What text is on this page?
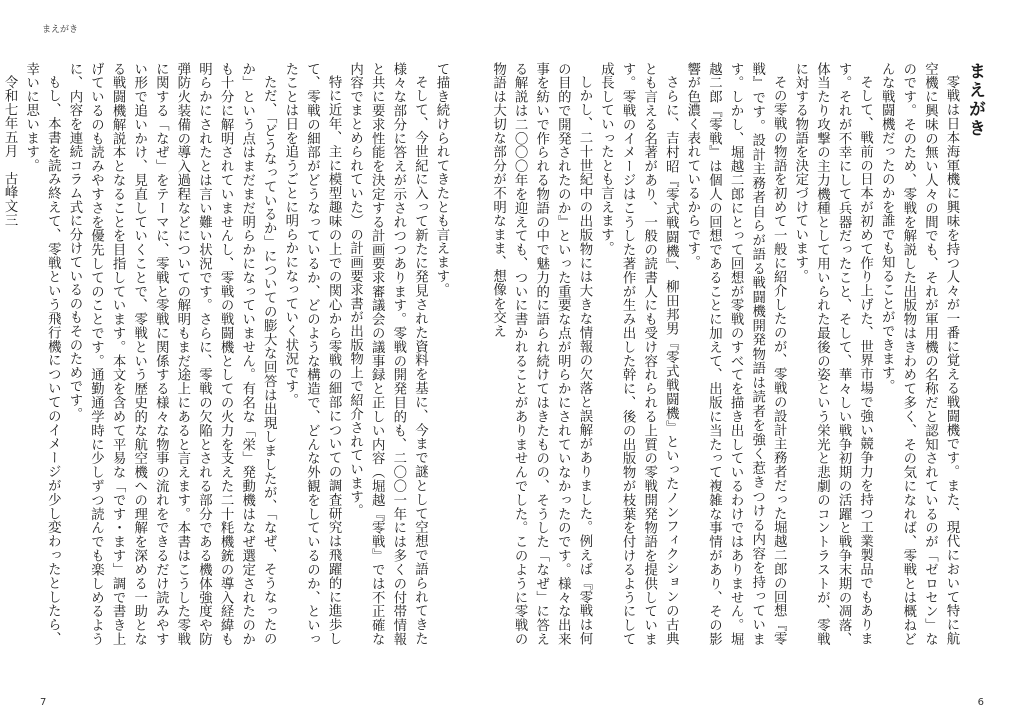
まえがき

て描き続けられてきたとも言えます。

そして、今世紀に入って新たに発見された資料を基に、今まで謎として空想で語られてきた様々な部分に答えが示されつつあります。零戦の開発目的も、二〇〇一年には多くの付帯情報と共に要求性能を決定する計画要求審議会の議事録と正しい内容（堀越『零戦』では不正確な内容でまとめられていた）の計画要求書が出版物上で紹介されています。

特に近年、主に模型趣味の上での関心から零戦の細部についての調査研究は飛躍的に進歩して、零戦の細部がどうなっているか、どのような構造で、どんな外観をしているのか、といったことは日を追うごとに明らかになっていく状況です。

ただ、「どうなっているか」についての膨大な回答は出現しましたが、「なぜ、そうなったのか」という点はまだまだ明らかになっていません。有名な「栄」発動機はなぜ選定されたのかも十分に解明されていませんし、零戦の戦闘機としての火力を支えた二十粍機銃の導入経緯も明らかにされたとは言い難い状況です。さらに、零戦の欠陥とされる部分である機体強度や防弾防火装備の導入過程などについての解明もまだ途上にあると言えます。本書はこうした零戦に関する「なぜ」をテーマに、零戦と零戦に関係する様々な物事の流れをできるだけ読みやすい形で追いかけ、見直していくことで、零戦という歴史的な航空機への理解を深める一助となる戦闘機解説本となることを目指しています。本文を含めて平易な「です・ます」調で書き上げているのも読みやすさを優先してのことです。通勤通学時に少しずつ読んでも楽しめるように、内容を連続コラム式に分けているのもそのためです。

もし、本書を読み終えて、零戦という飛行機についてのイメージが少し変わったとしたら、幸いに思います。

令和七年五月　古峰文三

7
まえがき

零戦は日本海軍機に興味を持つ人々が一番に覚える戦闘機です。また、現代において特に航空機に興味の無い人々の間でも、それが軍用機の名称だと認知されているのが「ゼロセン」なのです。そのため、零戦を解説した出版物はきわめて多く、その気になれば、零戦とは概ねどんな戦闘機だったのかを誰でも知ることができます。

そして、戦前の日本が初めて作り上げた、世界市場で強い競争力を持つ工業製品でもあります。それが不幸にして兵器だったこと、そして、華々しい戦争初期の活躍と戦争末期の凋落、体当たり攻撃の主力機種として用いられた最後の姿という栄光と悲劇のコントラストが、零戦に対する物語を決定づけています。

その零戦の物語を初めて一般に紹介したのが、零戦の設計主務者だった堀越二郎の回想『零戦』です。設計主務者自らが語る戦闘機開発物語は読者を強く惹きつける内容を持っています。しかし、堀越二郎にとって回想が零戦のすべてを描き出しているわけではありません。堀越二郎『零戦』は個人の回想であることに加えて、出版に当たって複雑な事情があり、その影響が色濃く表れているからです。

さらに、吉村昭『零式戦闘機』、柳田邦男『零式戦闘機』といったノンフィクションの古典とも言える名著があり、一般の読書人にも受け容れられる上質の零戦開発物語を提供しています。零戦のイメージはこうした著作が生み出した幹に、後の出版物が枝葉を付けるようにして成長していったとも言えます。

しかし、二十世紀中の出版物には大きな情報の欠落と誤解がありました。例えば『零戦は何の目的で開発されたのか』といった重要な点が明らかにされていなかったのです。様々な出来事を紡いで作られる物語の中で魅力的に語られ続けてはきたものの、そうした「なぜ」に答える解説は二〇〇〇年を迎えても、ついに書かれることがありませんでした。このように零戦の物語は大切な部分が不明なまま、想像を交え

6
